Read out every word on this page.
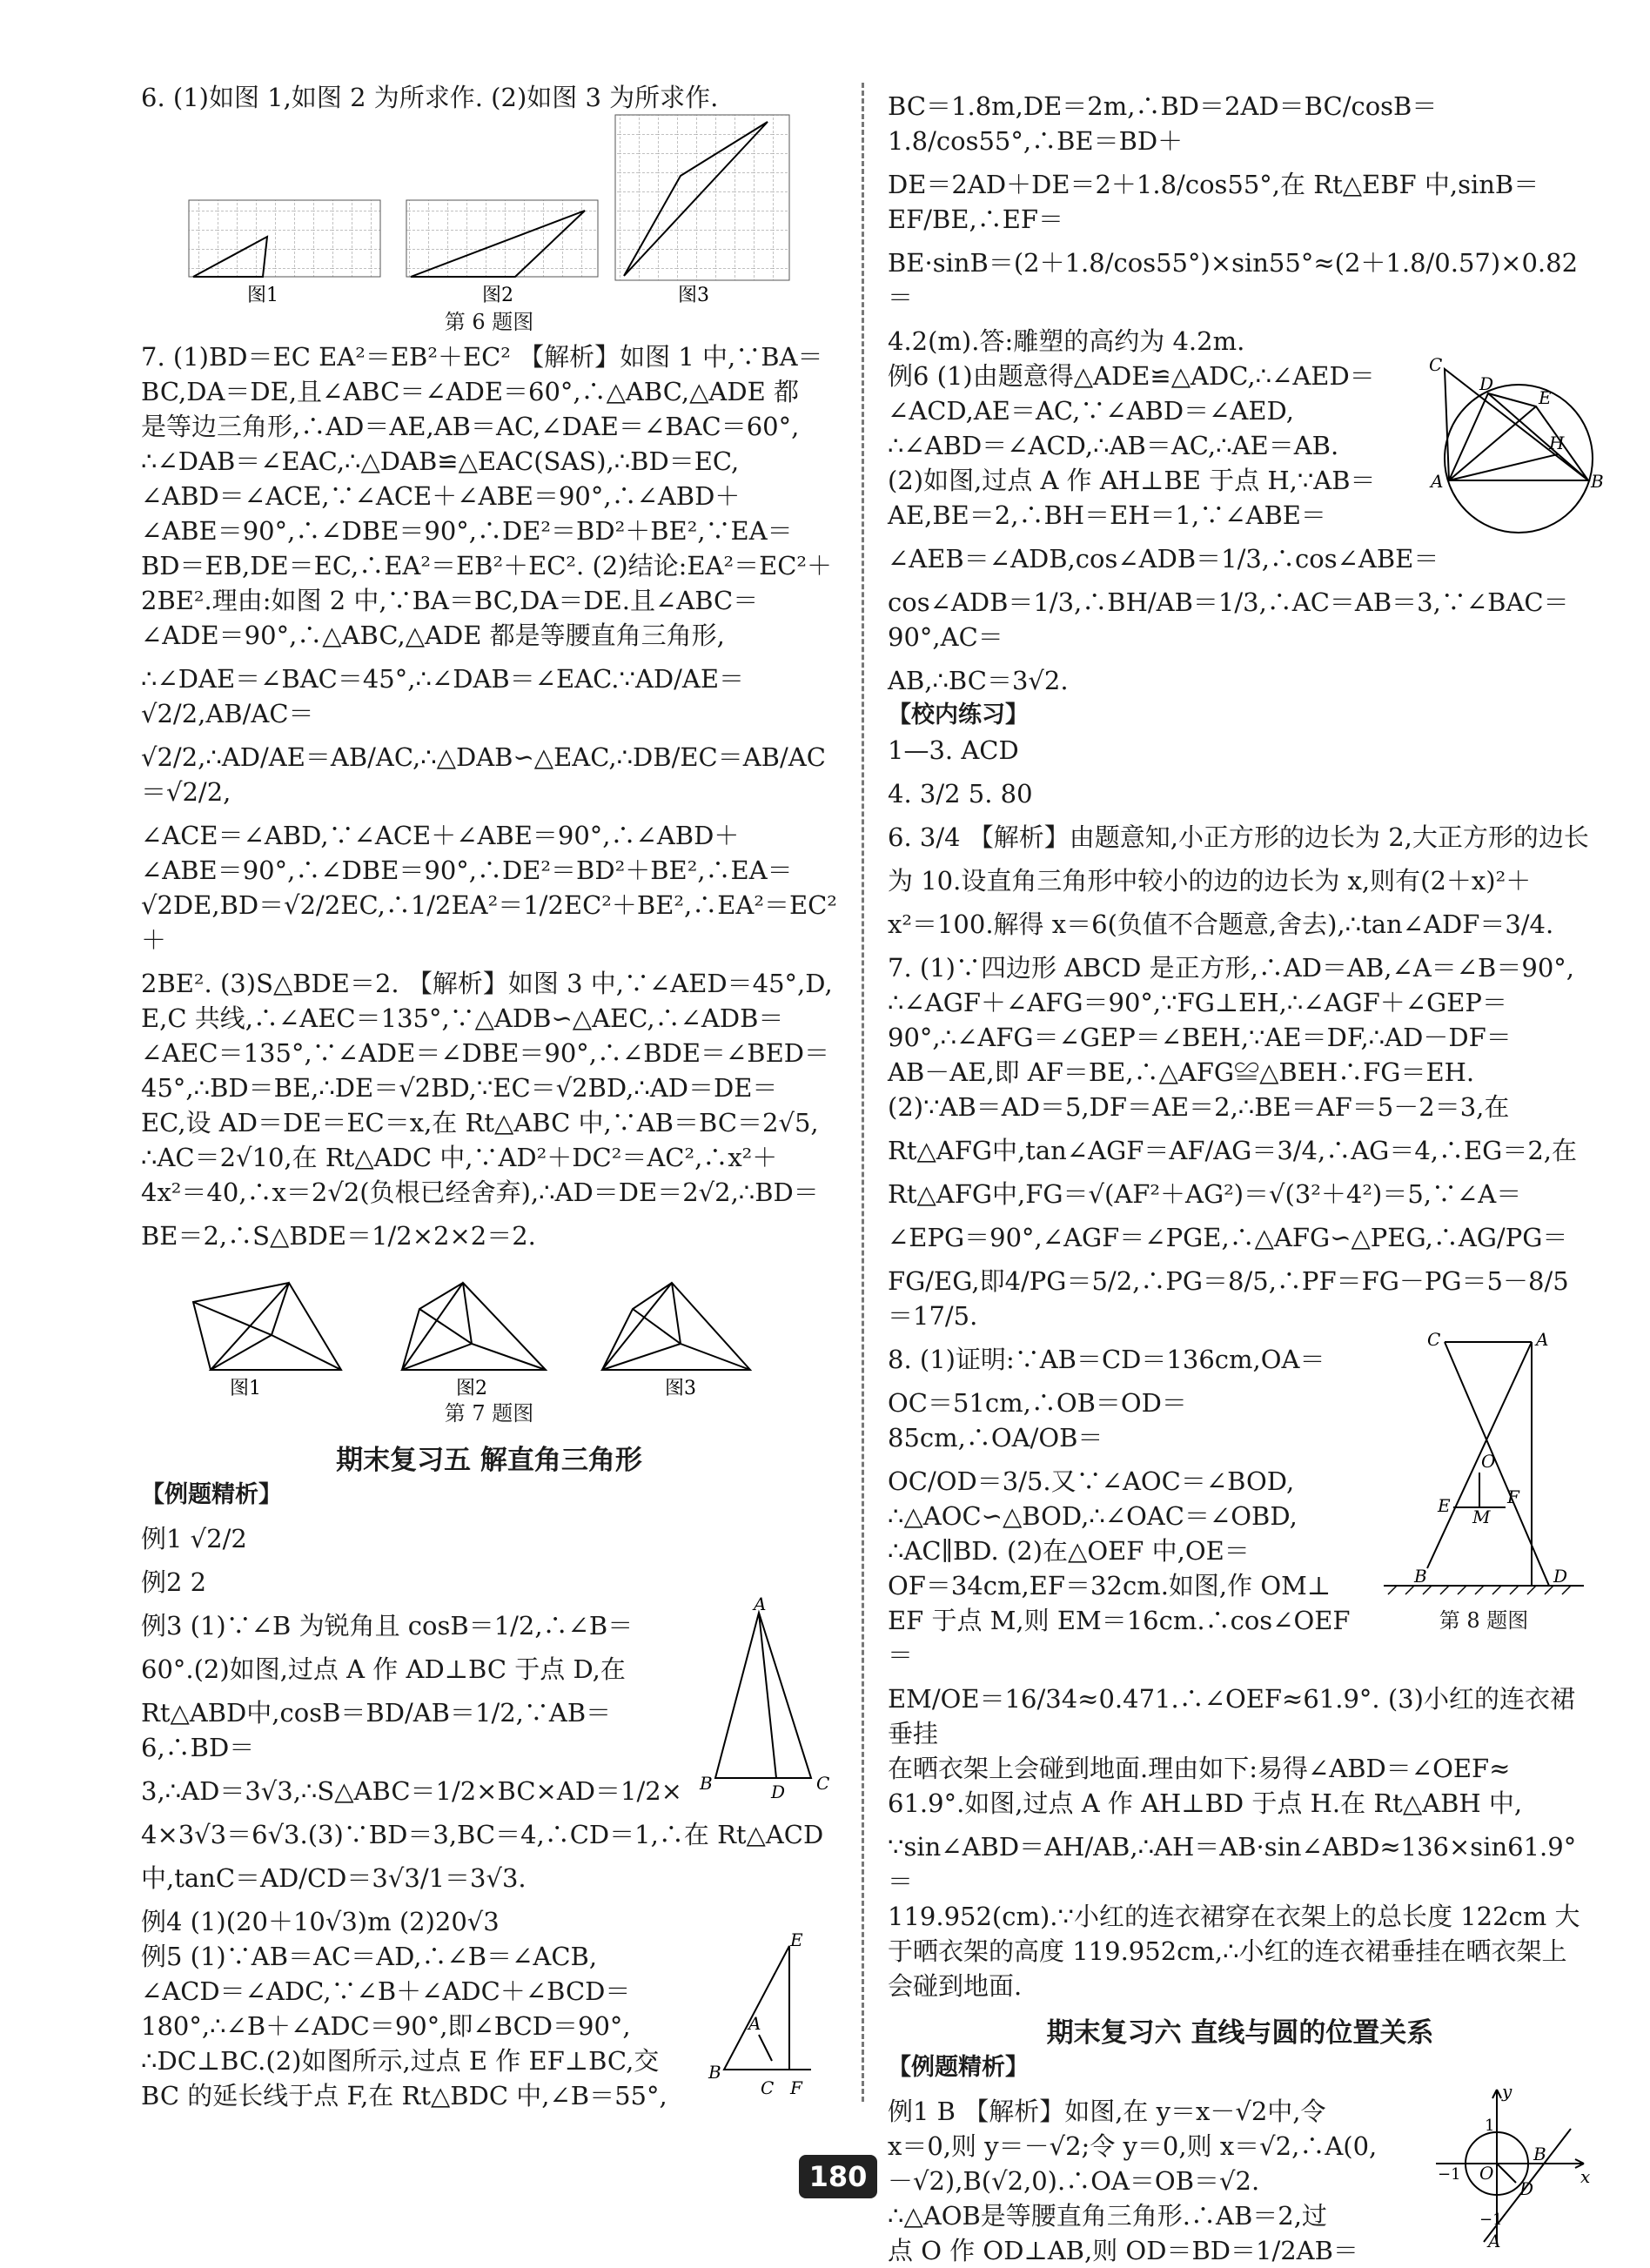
6. (1)如图 1,如图 2 为所求作. (2)如图 3 为所求作.

图1	图2	图3
第 6 题图

7. (1)BD＝EC EA²＝EB²＋EC² 【解析】如图 1 中,∵BA＝

BC,DA＝DE,且∠ABC＝∠ADE＝60°,∴△ABC,△ADE 都

是等边三角形,∴AD＝AE,AB＝AC,∠DAE＝∠BAC＝60°,

∴∠DAB＝∠EAC,∴△DAB≌△EAC(SAS),∴BD＝EC,

∠ABD＝∠ACE,∵∠ACE＋∠ABE＝90°,∴∠ABD＋

∠ABE＝90°,∴∠DBE＝90°,∴DE²＝BD²＋BE²,∵EA＝

BD＝EB,DE＝EC,∴EA²＝EB²＋EC². (2)结论:EA²＝EC²＋

2BE².理由:如图 2 中,∵BA＝BC,DA＝DE.且∠ABC＝

∠ADE＝90°,∴△ABC,△ADE 都是等腰直角三角形,

∴∠DAE＝∠BAC＝45°,∴∠DAB＝∠EAC.∵AD/AE＝√2/2,AB/AC＝

√2/2,∴AD/AE＝AB/AC,∴△DAB∽△EAC,∴DB/EC＝AB/AC＝√2/2,

∠ACE＝∠ABD,∵∠ACE＋∠ABE＝90°,∴∠ABD＋

∠ABE＝90°,∴∠DBE＝90°,∴DE²＝BD²＋BE²,∴EA＝

√2DE,BD＝√2/2EC,∴1/2EA²＝1/2EC²＋BE²,∴EA²＝EC²＋

2BE². (3)S△BDE＝2. 【解析】如图 3 中,∵∠AED＝45°,D,

E,C 共线,∴∠AEC＝135°,∵△ADB∽△AEC,∴∠ADB＝

∠AEC＝135°,∵∠ADE＝∠DBE＝90°,∴∠BDE＝∠BED＝

45°,∴BD＝BE,∴DE＝√2BD,∵EC＝√2BD,∴AD＝DE＝

EC,设 AD＝DE＝EC＝x,在 Rt△ABC 中,∵AB＝BC＝2√5,

∴AC＝2√10,在 Rt△ADC 中,∵AD²＋DC²＝AC²,∴x²＋

4x²＝40,∴x＝2√2(负根已经舍弃),∴AD＝DE＝2√2,∴BD＝

BE＝2,∴S△BDE＝1/2×2×2＝2.

图1	图2	图3
第 7 题图
期末复习五 解直角三角形

【例题精析】

例1 √2/2

例2 2

A
B	C
D

例3 (1)∵∠B 为锐角且 cosB＝1/2,∴∠B＝

60°.(2)如图,过点 A 作 AD⊥BC 于点 D,在

Rt△ABD中,cosB＝BD/AB＝1/2,∵AB＝6,∴BD＝

3,∴AD＝3√3,∴S△ABC＝1/2×BC×AD＝1/2×

4×3√3＝6√3.(3)∵BD＝3,BC＝4,∴CD＝1,∴在 Rt△ACD

中,tanC＝AD/CD＝3√3/1＝3√3.

例4 (1)(20＋10√3)m (2)20√3

E
B
C F
A

例5 (1)∵AB＝AC＝AD,∴∠B＝∠ACB,

∠ACD＝∠ADC,∵∠B＋∠ADC＋∠BCD＝

180°,∴∠B＋∠ADC＝90°,即∠BCD＝90°,

∴DC⊥BC.(2)如图所示,过点 E 作 EF⊥BC,交

BC 的延长线于点 F,在 Rt△BDC 中,∠B＝55°,

BC＝1.8m,DE＝2m,∴BD＝2AD＝BC/cosB＝1.8/cos55°,∴BE＝BD＋

DE＝2AD＋DE＝2＋1.8/cos55°,在 Rt△EBF 中,sinB＝EF/BE,∴EF＝

BE·sinB＝(2＋1.8/cos55°)×sin55°≈(2＋1.8/0.57)×0.82＝

4.2(m).答:雕塑的高约为 4.2m.

C
D
E
H
A	B

例6 (1)由题意得△ADE≌△ADC,∴∠AED＝

∠ACD,AE＝AC,∵∠ABD＝∠AED,

∴∠ABD＝∠ACD,∴AB＝AC,∴AE＝AB.

(2)如图,过点 A 作 AH⊥BE 于点 H,∵AB＝

AE,BE＝2,∴BH＝EH＝1,∵∠ABE＝

∠AEB＝∠ADB,cos∠ADB＝1/3,∴cos∠ABE＝

cos∠ADB＝1/3,∴BH/AB＝1/3,∴AC＝AB＝3,∵∠BAC＝90°,AC＝

AB,∴BC＝3√2.

【校内练习】

1—3. ACD

4. 3/2 5. 80

6. 3/4 【解析】由题意知,小正方形的边长为 2,大正方形的边长

为 10.设直角三角形中较小的边的边长为 x,则有(2＋x)²＋

x²＝100.解得 x＝6(负值不合题意,舍去),∴tan∠ADF＝3/4.

7. (1)∵四边形 ABCD 是正方形,∴AD＝AB,∠A＝∠B＝90°,

∴∠AGF＋∠AFG＝90°,∵FG⊥EH,∴∠AGF＋∠GEP＝

90°,∴∠AFG＝∠GEP＝∠BEH,∵AE＝DF,∴AD－DF＝

AB－AE,即 AF＝BE,∴△AFG≌△BEH∴FG＝EH.

(2)∵AB＝AD＝5,DF＝AE＝2,∴BE＝AF＝5－2＝3,在

Rt△AFG中,tan∠AGF＝AF/AG＝3/4,∴AG＝4,∴EG＝2,在

Rt△AFG中,FG＝√(AF²＋AG²)＝√(3²＋4²)＝5,∵∠A＝

∠EPG＝90°,∠AGF＝∠PGE,∴△AFG∽△PEG,∴AG/PG＝

FG/EG,即4/PG＝5/2,∴PG＝8/5,∴PF＝FG－PG＝5－8/5＝17/5.

C	A
O
E	F
M
B	D
第 8 题图

8. (1)证明:∵AB＝CD＝136cm,OA＝

OC＝51cm,∴OB＝OD＝85cm,∴OA/OB＝

OC/OD＝3/5.又∵∠AOC＝∠BOD,

∴△AOC∽△BOD,∴∠OAC＝∠OBD,

∴AC∥BD. (2)在△OEF 中,OE＝

OF＝34cm,EF＝32cm.如图,作 OM⊥

EF 于点 M,则 EM＝16cm.∴cos∠OEF＝

EM/OE＝16/34≈0.471.∴∠OEF≈61.9°. (3)小红的连衣裙垂挂

在晒衣架上会碰到地面.理由如下:易得∠ABD＝∠OEF≈

61.9°.如图,过点 A 作 AH⊥BD 于点 H.在 Rt△ABH 中,

∵sin∠ABD＝AH/AB,∴AH＝AB·sin∠ABD≈136×sin61.9°＝

119.952(cm).∵小红的连衣裙穿在衣架上的总长度 122cm 大

于晒衣架的高度 119.952cm,∴小红的连衣裙垂挂在晒衣架上

会碰到地面.

期末复习六 直线与圆的位置关系

【例题精析】

y
x
O
B
D
A
1
−1
−1

例1 B 【解析】如图,在 y＝x－√2中,令

x＝0,则 y＝－√2;令 y＝0,则 x＝√2,∴A(0,

－√2),B(√2,0).∴OA＝OB＝√2.

∴△AOB是等腰直角三角形.∴AB＝2,过

点 O 作 OD⊥AB,则 OD＝BD＝1/2AB＝

180
